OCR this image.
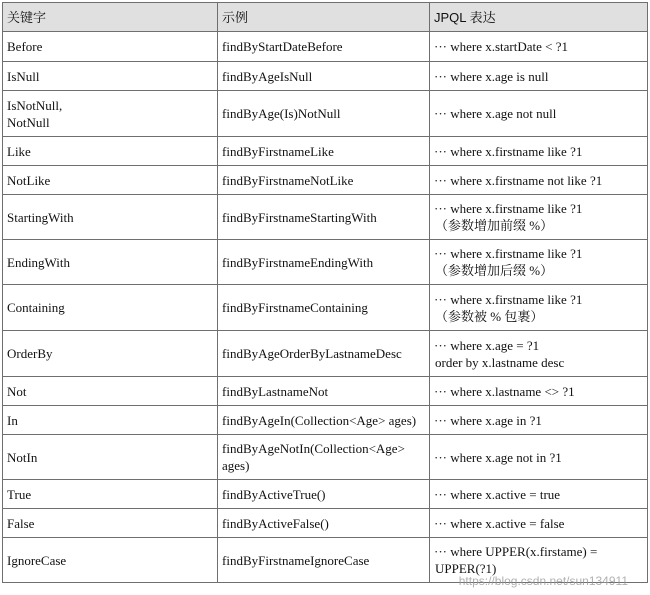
关键字	示例	JPQL 表达

Before	findByStartDateBefore	··· where x.startDate < ?1

IsNull	findByAgeIsNull	··· where x.age is null

IsNotNull,
NotNull	findByAge(Is)NotNull	··· where x.age not null

Like	findByFirstnameLike	··· where x.firstname like ?1

NotLike	findByFirstnameNotLike	··· where x.firstname not like ?1

StartingWith	findByFirstnameStartingWith	··· where x.firstname like ?1
（参数增加前缀 %）

EndingWith	findByFirstnameEndingWith	··· where x.firstname like ?1
（参数增加后缀 %）

Containing	findByFirstnameContaining	··· where x.firstname like ?1
（参数被 % 包裹）

OrderBy	findByAgeOrderByLastnameDesc	··· where x.age = ?1
order by x.lastname desc

Not	findByLastnameNot	··· where x.lastname <> ?1

In	findByAgeIn(Collection<Age> ages)	··· where x.age in ?1

NotIn	findByAgeNotIn(Collection<Age>
ages)	··· where x.age not in ?1

True	findByActiveTrue()	··· where x.active = true

False	findByActiveFalse()	··· where x.active = false

IgnoreCase	findByFirstnameIgnoreCase	··· where UPPER(x.firstame) =
UPPER(?1)
https://blog.csdn.net/sun134911
